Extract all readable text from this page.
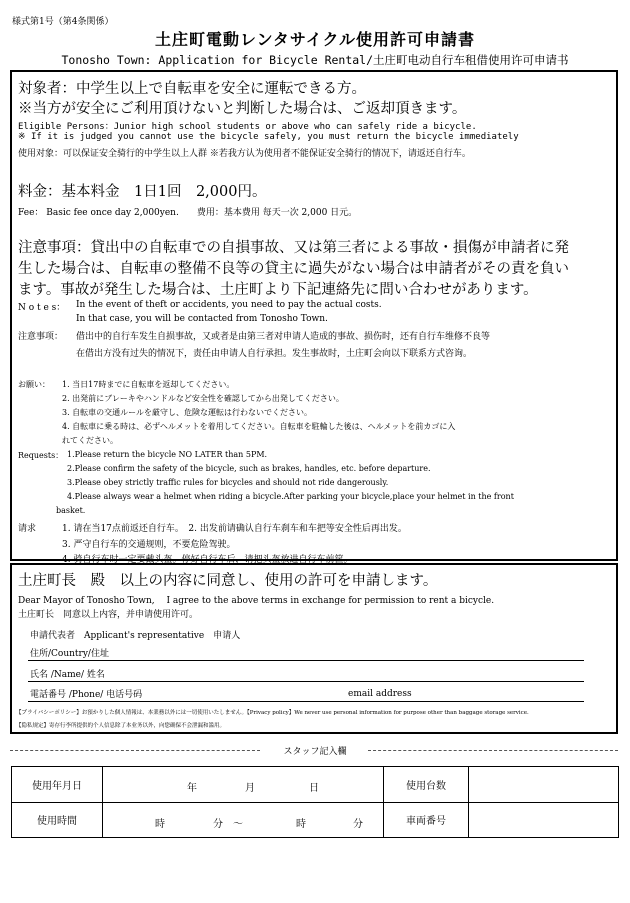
様式第1号（第4条関係）
土庄町電動レンタサイクル使用許可申請書
Tonosho Town: Application for Bicycle Rental/土庄町电动自行车租借使用许可申请书
対象者：中学生以上で自転車を安全に運転できる方。
※当方が安全にご利用頂けないと判断した場合は、ご返却頂きます。
Eligible Persons：Junior high school students or above who can safely ride a bicycle.
※ If it is judged you cannot use the bicycle safely, you must return the bicycle immediately
使用对象：可以保证安全骑行的中学生以上人群 ※若我方认为使用者不能保证安全骑行的情况下，请返还自行车。
料金：基本料金　1日1回　2,000円。
Fee： Basic fee once day 2,000yen.　　费用：基本费用 每天一次 2,000 日元。
注意事項：貸出中の自転車での自損事故、又は第三者による事故・損傷が申請者に発
生した場合は、自転車の整備不良等の貸主に過失がない場合は申請者がその責を負い
ます。事故が発生した場合は、土庄町より下記連絡先に問い合わせがあります。
N o t e s： In the event of theft or accidents, you need to pay the actual costs.
In that case, you will be contacted from Tonosho Town.
注意事项： 借出中的自行车发生自损事故，又或者是由第三者对申请人造成的事故、损伤时，还有自行车维修不良等
在借出方没有过失的情况下，责任由申请人自行承担。发生事故时，土庄町会向以下联系方式咨询。
お願い： 1. 当日17時までに自転車を返却してください。
2. 出発前にブレーキやハンドルなど安全性を確認してから出発してください。
3. 自転車の交通ルールを厳守し、危険な運転は行わないでください。
4. 自転車に乗る時は、必ずヘルメットを着用してください。自転車を駐輪した後は、ヘルメットを前カゴに入
れてください。
Requests： 1.Please return the bicycle NO LATER than 5PM.
2.Please confirm the safety of the bicycle, such as brakes, handles, etc. before departure.
3.Please obey strictly traffic rules for bicycles and should not ride dangerously.
4.Please always wear a helmet when riding a bicycle.After parking your bicycle,place your helmet in the front
basket.
请求	1. 请在当17点前返还自行车。　2. 出发前请确认自行车刹车和车把等安全性后再出发。
3. 严守自行车的交通规则，不要危险驾驶。
4. 骑自行车时一定要戴头盔。停好自行车后，请把头盔放进自行车前筐。
土庄町長　殿　以上の内容に同意し、使用の許可を申請します。
Dear Mayor of Tonosho Town,　 I agree to the above terms in exchange for permission to rent a bicycle.
土庄町长　同意以上内容，并申请使用许可。
申請代表者　Applicant's representative　申请人
住所/Country/住址
氏名 /Name/ 姓名
電話番号 /Phone/ 电话号码	email address
【プライバシーポリシー】お預かりした個人情報は、本業務以外には一切使用いたしません。【Privacy policy】We never use personal information for purpose other than baggage storage service.
【隐私规定】寄存行李所提供的个人信息除了本业务以外，向您确保不会泄漏和滥用。
スタッフ記入欄
使用年月日	年 月 日	使用台数	
使用時間	時 分 ～ 時 分	車両番号	
